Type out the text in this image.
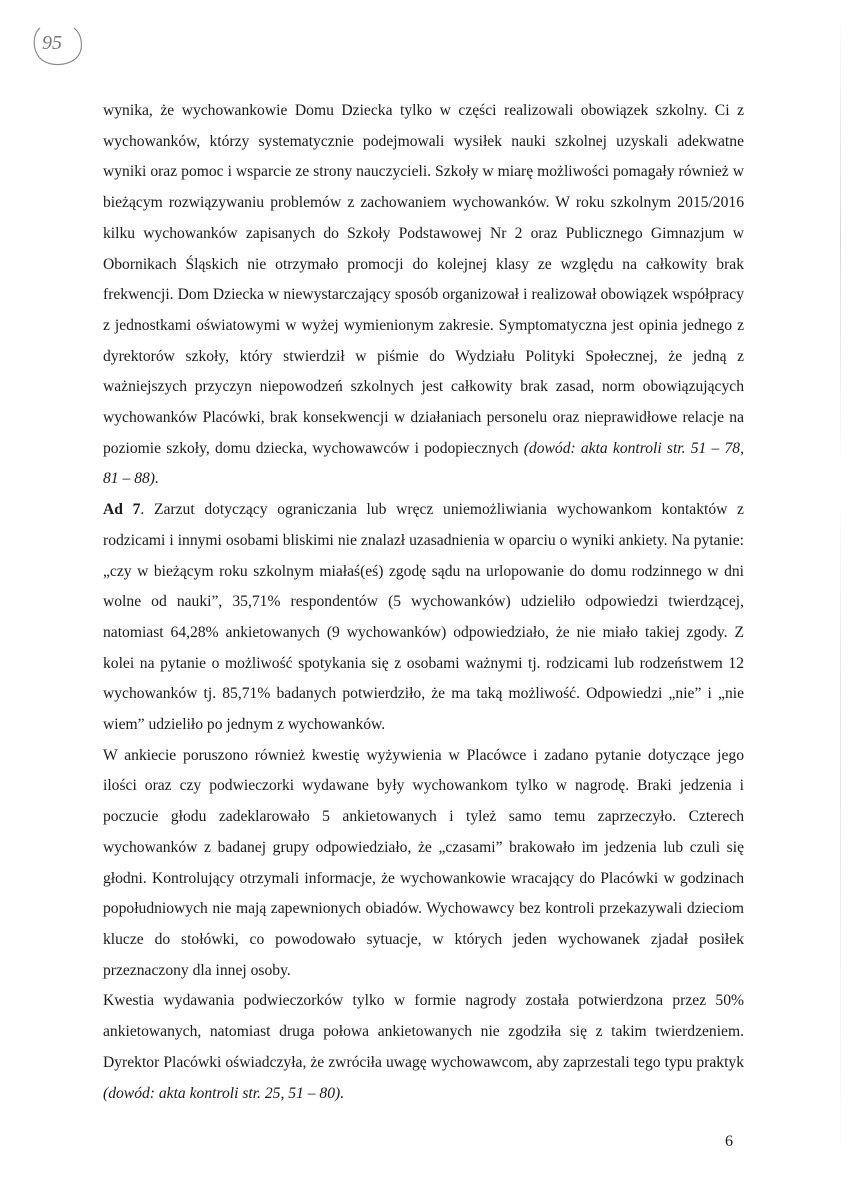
95

wynika, że wychowankowie Domu Dziecka tylko w części realizowali obowiązek szkolny. Ci z wychowanków, którzy systematycznie podejmowali wysiłek nauki szkolnej uzyskali adekwatne wyniki oraz pomoc i wsparcie ze strony nauczycieli. Szkoły w miarę możliwości pomagały również w bieżącym rozwiązywaniu problemów z zachowaniem wychowanków. W roku szkolnym 2015/2016 kilku wychowanków zapisanych do Szkoły Podstawowej Nr 2 oraz Publicznego Gimnazjum w Obornikach Śląskich nie otrzymało promocji do kolejnej klasy ze względu na całkowity brak frekwencji. Dom Dziecka w niewystarczający sposób organizował i realizował obowiązek współpracy z jednostkami oświatowymi w wyżej wymienionym zakresie. Symptomatyczna jest opinia jednego z dyrektorów szkoły, który stwierdził w piśmie do Wydziału Polityki Społecznej, że jedną z ważniejszych przyczyn niepowodzeń szkolnych jest całkowity brak zasad, norm obowiązujących wychowanków Placówki, brak konsekwencji w działaniach personelu oraz nieprawidłowe relacje na poziomie szkoły, domu dziecka, wychowawców i podopiecznych (dowód: akta kontroli str. 51 – 78, 81 – 88).

Ad 7. Zarzut dotyczący ograniczania lub wręcz uniemożliwiania wychowankom kontaktów z rodzicami i innymi osobami bliskimi nie znalazł uzasadnienia w oparciu o wyniki ankiety. Na pytanie: „czy w bieżącym roku szkolnym miałaś(eś) zgodę sądu na urlopowanie do domu rodzinnego w dni wolne od nauki”, 35,71% respondentów (5 wychowanków) udzieliło odpowiedzi twierdzącej, natomiast 64,28% ankietowanych (9 wychowanków) odpowiedziało, że nie miało takiej zgody. Z kolei na pytanie o możliwość spotykania się z osobami ważnymi tj. rodzicami lub rodzeństwem 12 wychowanków tj. 85,71% badanych potwierdziło, że ma taką możliwość. Odpowiedzi „nie” i „nie wiem” udzieliło po jednym z wychowanków.

W ankiecie poruszono również kwestię wyżywienia w Placówce i zadano pytanie dotyczące jego ilości oraz czy podwieczorki wydawane były wychowankom tylko w nagrodę. Braki jedzenia i poczucie głodu zadeklarowało 5 ankietowanych i tyleż samo temu zaprzeczyło. Czterech wychowanków z badanej grupy odpowiedziało, że „czasami” brakowało im jedzenia lub czuli się głodni. Kontrolujący otrzymali informacje, że wychowankowie wracający do Placówki w godzinach popołudniowych nie mają zapewnionych obiadów. Wychowawcy bez kontroli przekazywali dzieciom klucze do stołówki, co powodowało sytuacje, w których jeden wychowanek zjadał posiłek przeznaczony dla innej osoby.

Kwestia wydawania podwieczorków tylko w formie nagrody została potwierdzona przez 50% ankietowanych, natomiast druga połowa ankietowanych nie zgodziła się z takim twierdzeniem. Dyrektor Placówki oświadczyła, że zwróciła uwagę wychowawcom, aby zaprzestali tego typu praktyk (dowód: akta kontroli str. 25, 51 – 80).

6
